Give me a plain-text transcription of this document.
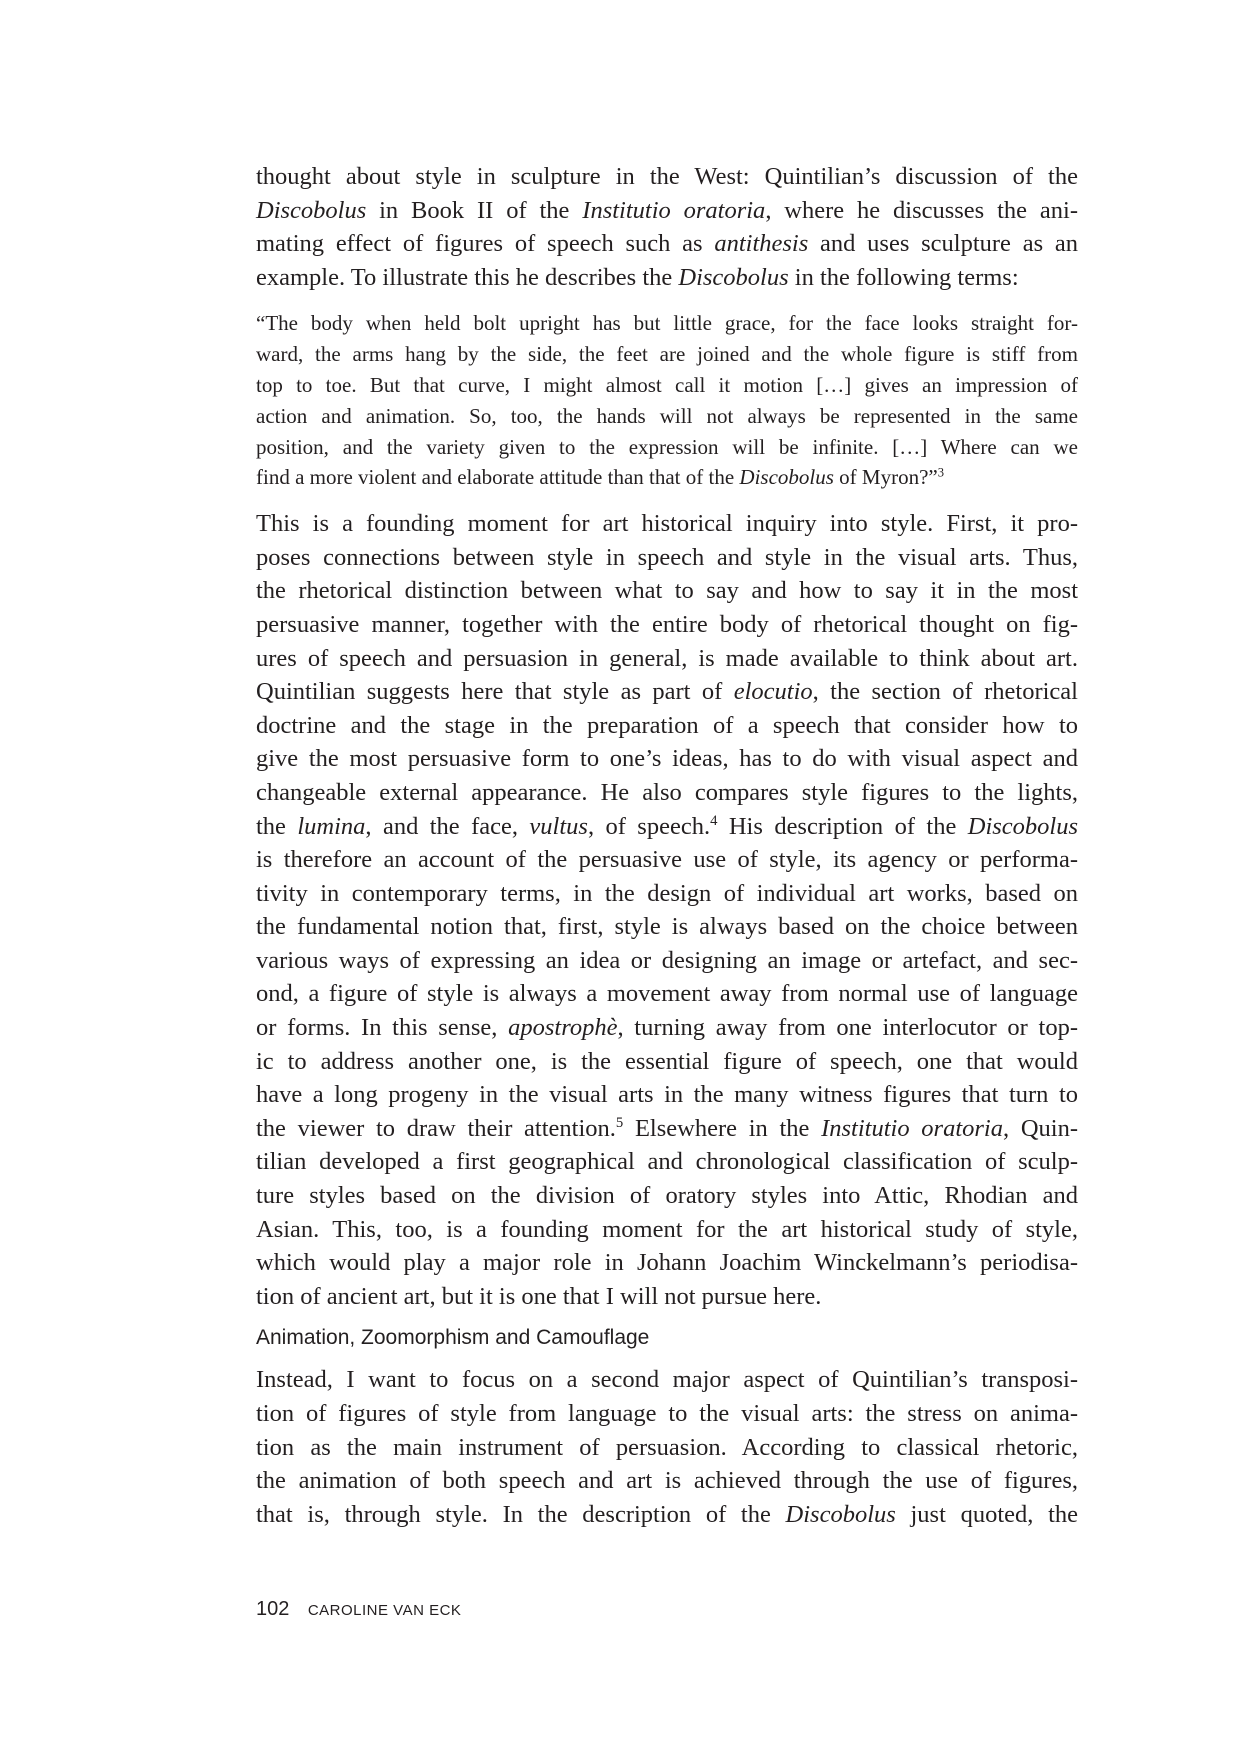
thought about style in sculpture in the West: Quintilian’s discussion of the
Discobolus in Book II of the Institutio oratoria, where he discusses the ani-
mating effect of figures of speech such as antithesis and uses sculpture as an
example. To illustrate this he describes the Discobolus in the following terms:
“The body when held bolt upright has but little grace, for the face looks straight for-
ward, the arms hang by the side, the feet are joined and the whole figure is stiff from
top to toe. But that curve, I might almost call it motion […] gives an impression of
action and animation. So, too, the hands will not always be represented in the same
position, and the variety given to the expression will be infinite. […] Where can we
find a more violent and elaborate attitude than that of the Discobolus of Myron?”$^3$
This is a founding moment for art historical inquiry into style. First, it pro-
poses connections between style in speech and style in the visual arts. Thus,
the rhetorical distinction between what to say and how to say it in the most
persuasive manner, together with the entire body of rhetorical thought on fig-
ures of speech and persuasion in general, is made available to think about art.
Quintilian suggests here that style as part of elocutio, the section of rhetorical
doctrine and the stage in the preparation of a speech that consider how to
give the most persuasive form to one’s ideas, has to do with visual aspect and
changeable external appearance. He also compares style figures to the lights,
the lumina, and the face, vultus, of speech.$^4$ His description of the Discobolus
is therefore an account of the persuasive use of style, its agency or performa-
tivity in contemporary terms, in the design of individual art works, based on
the fundamental notion that, first, style is always based on the choice between
various ways of expressing an idea or designing an image or artefact, and sec-
ond, a figure of style is always a movement away from normal use of language
or forms. In this sense, apostrophè, turning away from one interlocutor or top-
ic to address another one, is the essential figure of speech, one that would
have a long progeny in the visual arts in the many witness figures that turn to
the viewer to draw their attention.$^5$ Elsewhere in the Institutio oratoria, Quin-
tilian developed a first geographical and chronological classification of sculp-
ture styles based on the division of oratory styles into Attic, Rhodian and
Asian. This, too, is a founding moment for the art historical study of style,
which would play a major role in Johann Joachim Winckelmann’s periodisa-
tion of ancient art, but it is one that I will not pursue here.
Animation, Zoomorphism and Camouflage
Instead, I want to focus on a second major aspect of Quintilian’s transposi-
tion of figures of style from language to the visual arts: the stress on anima-
tion as the main instrument of persuasion. According to classical rhetoric,
the animation of both speech and art is achieved through the use of figures,
that is, through style. In the description of the Discobolus just quoted, the
102 CAROLINE VAN ECK
